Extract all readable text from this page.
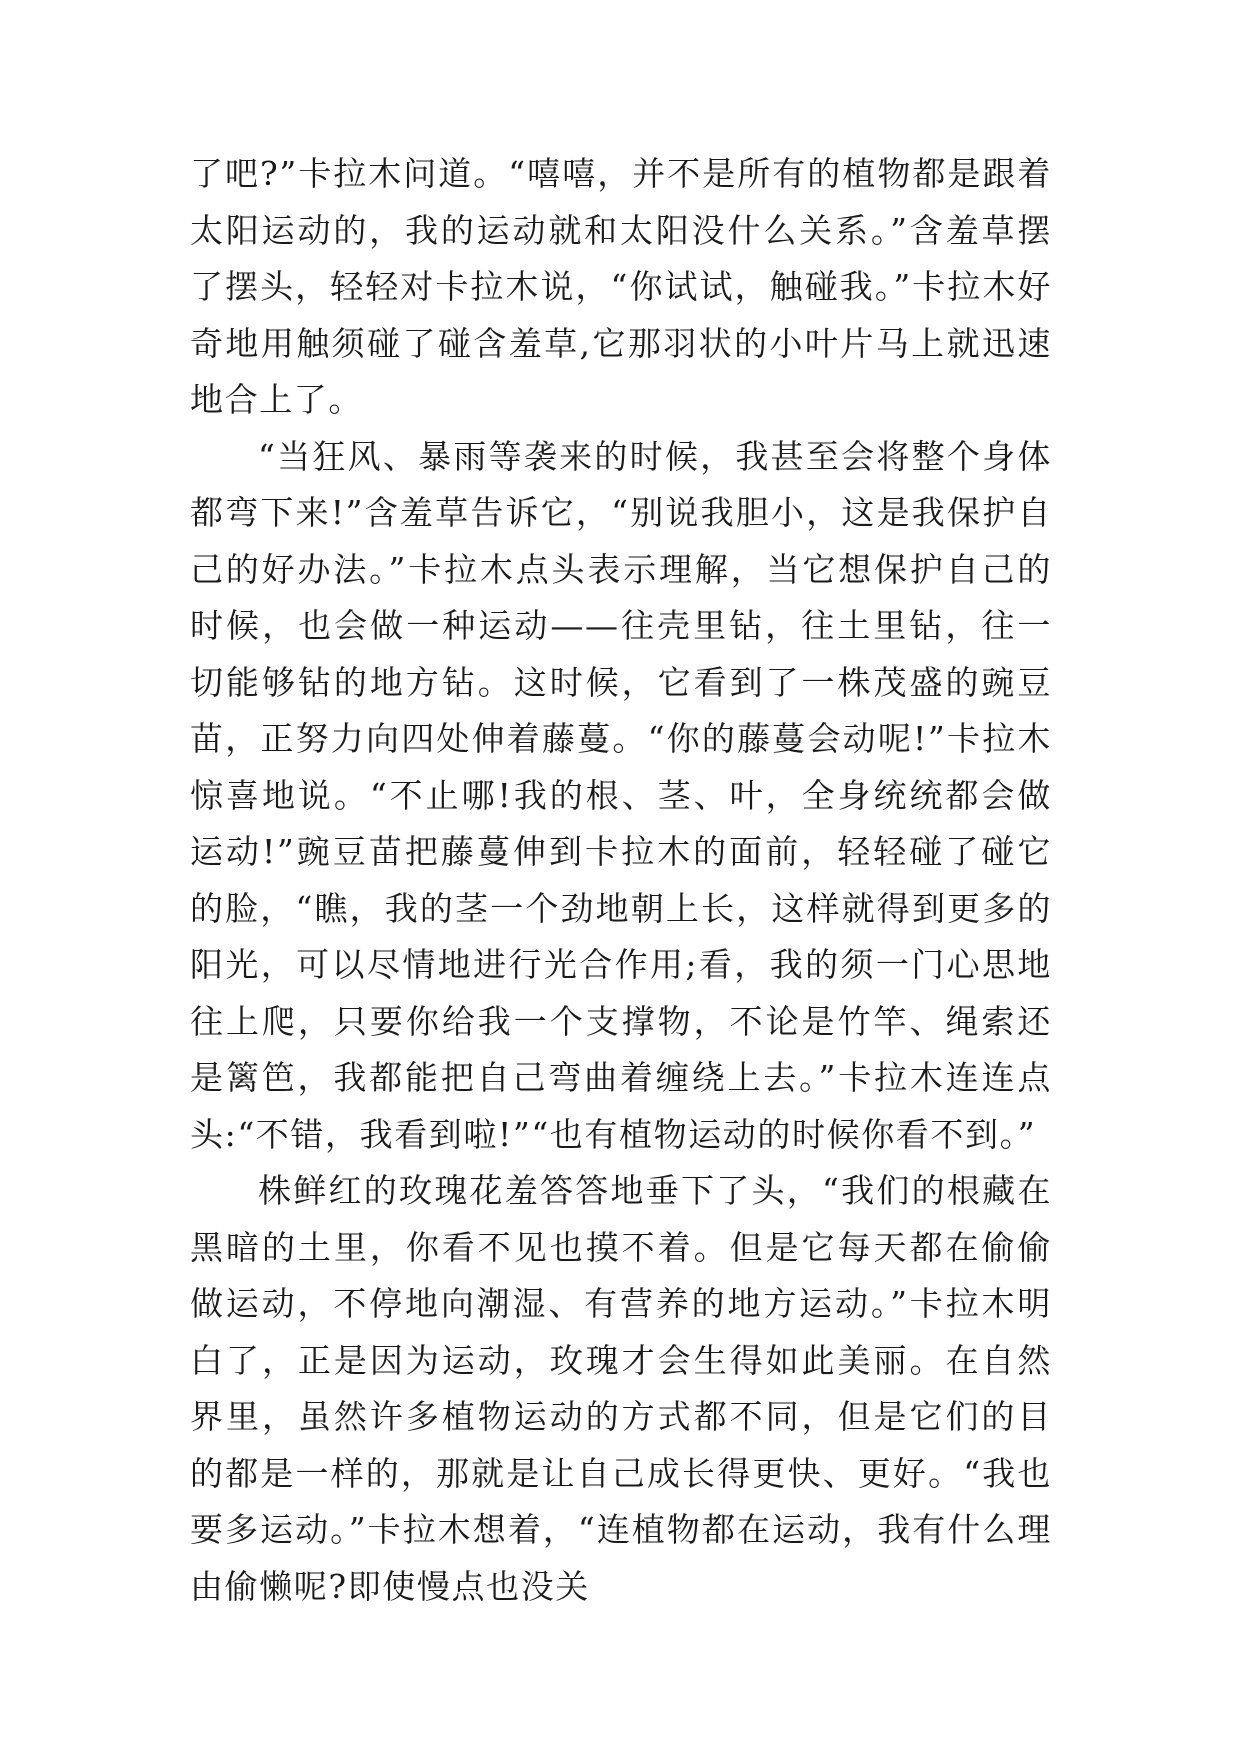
了吧?”卡拉木问道。“嘻嘻，并不是所有的植物都是跟着太阳运动的，我的运动就和太阳没什么关系。”含羞草摆了摆头，轻轻对卡拉木说，“你试试，触碰我。”卡拉木好奇地用触须碰了碰含羞草,它那羽状的小叶片马上就迅速地合上了。

“当狂风、暴雨等袭来的时候，我甚至会将整个身体都弯下来!”含羞草告诉它，“别说我胆小，这是我保护自己的好办法。”卡拉木点头表示理解，当它想保护自己的时候，也会做一种运动——往壳里钻，往土里钻，往一切能够钻的地方钻。这时候，它看到了一株茂盛的豌豆苗，正努力向四处伸着藤蔓。“你的藤蔓会动呢!”卡拉木惊喜地说。“不止哪!我的根、茎、叶，全身统统都会做运动!”豌豆苗把藤蔓伸到卡拉木的面前，轻轻碰了碰它的脸，“瞧，我的茎一个劲地朝上长，这样就得到更多的阳光，可以尽情地进行光合作用;看，我的须一门心思地往上爬，只要你给我一个支撑物，不论是竹竿、绳索还是篱笆，我都能把自己弯曲着缠绕上去。”卡拉木连连点头:“不错，我看到啦!”“也有植物运动的时候你看不到。”

株鲜红的玫瑰花羞答答地垂下了头，“我们的根藏在黑暗的土里，你看不见也摸不着。但是它每天都在偷偷做运动，不停地向潮湿、有营养的地方运动。”卡拉木明白了，正是因为运动，玫瑰才会生得如此美丽。在自然界里，虽然许多植物运动的方式都不同，但是它们的目的都是一样的，那就是让自己成长得更快、更好。“我也要多运动。”卡拉木想着，“连植物都在运动，我有什么理由偷懒呢?即使慢点也没关
